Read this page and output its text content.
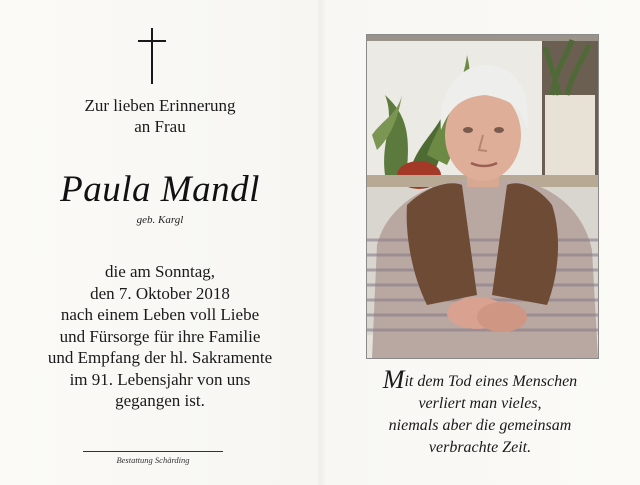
Zur lieben Erinnerung
an Frau
Paula Mandl
geb. Kargl
die am Sonntag,
den 7. Oktober 2018
nach einem Leben voll Liebe
und Fürsorge für ihre Familie
und Empfang der hl. Sakramente
im 91. Lebensjahr von uns
gegangen ist.
Bestattung Schärding
Mit dem Tod eines Menschen
verliert man vieles,
niemals aber die gemeinsam
verbrachte Zeit.
